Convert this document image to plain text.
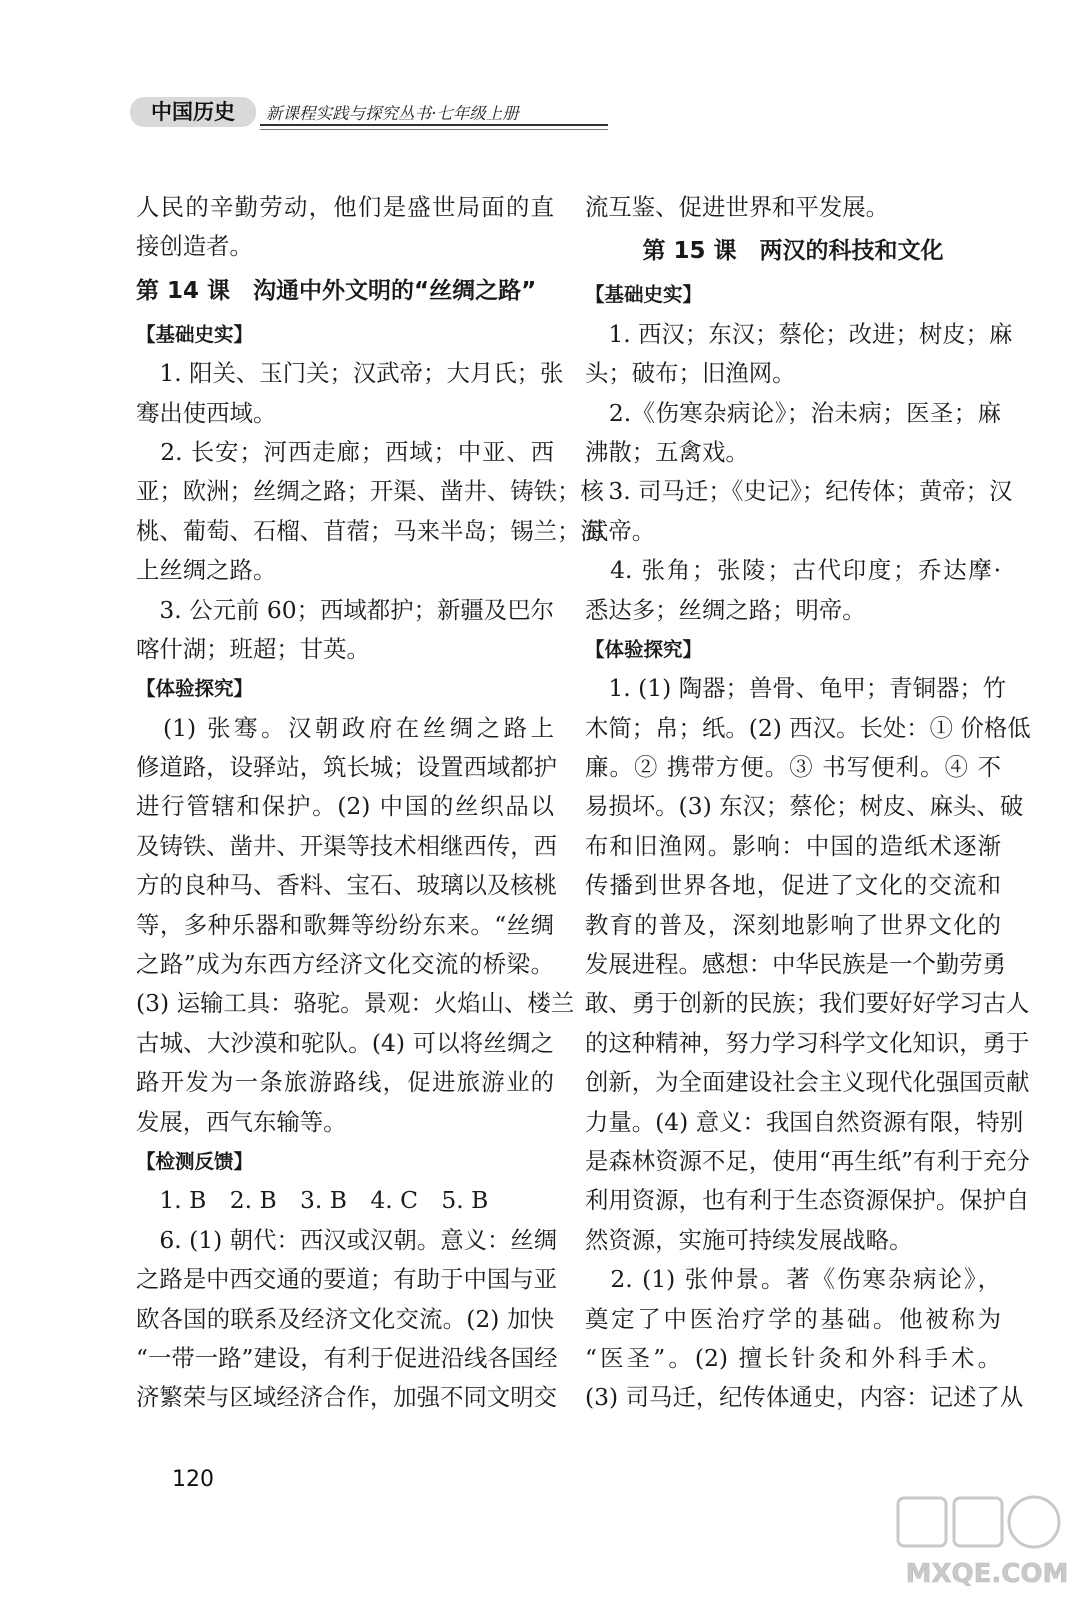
中国历史	新课程实践与探究丛书·七年级上册
人民的辛勤劳动，他们是盛世局面的直
接创造者。
第 14 课　沟通中外文明的“丝绸之路”
【基础史实】
　1. 阳关、玉门关；汉武帝；大月氏；张
骞出使西域。
　2. 长安；河西走廊；西域；中亚、西
亚；欧洲；丝绸之路；开渠、凿井、铸铁；核
桃、葡萄、石榴、苜蓿；马来半岛；锡兰；海
上丝绸之路。
　3. 公元前 60；西域都护；新疆及巴尔
喀什湖；班超；甘英。
【体验探究】
　(1) 张骞。汉朝政府在丝绸之路上
修道路，设驿站，筑长城；设置西域都护
进行管辖和保护。(2) 中国的丝织品以
及铸铁、凿井、开渠等技术相继西传，西
方的良种马、香料、宝石、玻璃以及核桃
等，多种乐器和歌舞等纷纷东来。“丝绸
之路”成为东西方经济文化交流的桥梁。
(3) 运输工具：骆驼。景观：火焰山、楼兰
古城、大沙漠和驼队。(4) 可以将丝绸之
路开发为一条旅游路线，促进旅游业的
发展，西气东输等。
【检测反馈】
　1. B　2. B　3. B　4. C　5. B
　6. (1) 朝代：西汉或汉朝。意义：丝绸
之路是中西交通的要道；有助于中国与亚
欧各国的联系及经济文化交流。(2) 加快
“一带一路”建设，有利于促进沿线各国经
济繁荣与区域经济合作，加强不同文明交
流互鉴、促进世界和平发展。
第 15 课　两汉的科技和文化
【基础史实】
　1. 西汉；东汉；蔡伦；改进；树皮；麻
头；破布；旧渔网。
　2.《伤寒杂病论》；治未病；医圣；麻
沸散；五禽戏。
　3. 司马迁；《史记》；纪传体；黄帝；汉
武帝。
　4. 张角；张陵；古代印度；乔达摩·
悉达多；丝绸之路；明帝。
【体验探究】
　1. (1) 陶器；兽骨、龟甲；青铜器；竹
木简；帛；纸。(2) 西汉。长处：① 价格低
廉。② 携带方便。③ 书写便利。④ 不
易损坏。(3) 东汉；蔡伦；树皮、麻头、破
布和旧渔网。影响：中国的造纸术逐渐
传播到世界各地，促进了文化的交流和
教育的普及，深刻地影响了世界文化的
发展进程。感想：中华民族是一个勤劳勇
敢、勇于创新的民族；我们要好好学习古人
的这种精神，努力学习科学文化知识，勇于
创新，为全面建设社会主义现代化强国贡献
力量。(4) 意义：我国自然资源有限，特别
是森林资源不足，使用“再生纸”有利于充分
利用资源，也有利于生态资源保护。保护自
然资源，实施可持续发展战略。
　2. (1) 张仲景。著《伤寒杂病论》，
奠定了中医治疗学的基础。他被称为
“医圣”。(2) 擅长针灸和外科手术。
(3) 司马迁，纪传体通史，内容：记述了从
120
MXQE.COM
